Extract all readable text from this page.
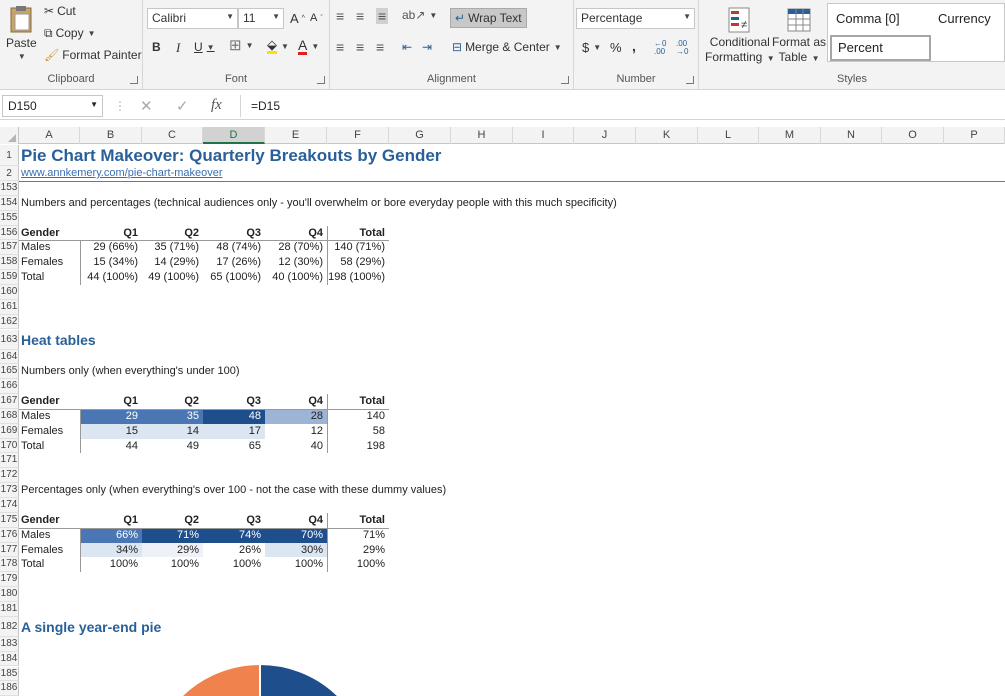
Paste
▼
✂ Cut
⧉ Copy ▼
🖌 Format Painter
Clipboard
Calibri	▼ 11 ▼ A ^ A ˇ
B I U ▼ ⊞ ▼ ⬙ ▼ A ▼
Font
≡ ≡ ≡ ab↗ ▼ ↵ Wrap Text
≡ ≡ ≡ ⇤ ⇥ ⊟ Merge & Center ▼
Alignment
Percentage	▼
$ ▼ % , ←0
.00
.00
→0
Number
≠
Conditional
Formatting ▼
Format as
Table ▼
Comma [0]	Currency
Percent
Styles
D150	▼ ⋮ ✕ ✓ fx	=D15
A	B	C	D	E	F	G	H	I	J	K	L	M	N	O	P
1
2
153
154
155
156
157
158
159
160
161
162
163
164
165
166
167
168
169
170
171
172
173
174
175
176
177
178
179
180
181
182
183
184
185
186
Pie Chart Makeover: Quarterly Breakouts by Gender
www.annkemery.com/pie-chart-makeover
Numbers and percentages (technical audiences only - you'll overwhelm or bore everyday people with this much specificity)
Heat tables
Numbers only (when everything's under 100)
Percentages only (when everything's over 100 - not the case with these dummy values)
A single year-end pie
Gender	Q1	Q2	Q3	Q4	Total
Males	29 (66%)	35 (71%)	48 (74%)	28 (70%)	140 (71%)
Females	15 (34%)	14 (29%)	17 (26%)	12 (30%)	58 (29%)
Total	44 (100%) 49 (100%)	65 (100%)	40 (100%) 198 (100%)
Gender	Q1	Q2	Q3	Q4	Total
Males	29	35	48	28	140
Females	15	14	17	12	58
Total	44	49	65	40	198
Gender	Q1	Q2	Q3	Q4	Total
Males	66%	71%	74%	70%	71%
Females	34%	29%	26%	30%	29%
Total	100%	100%	100%	100%	100%
